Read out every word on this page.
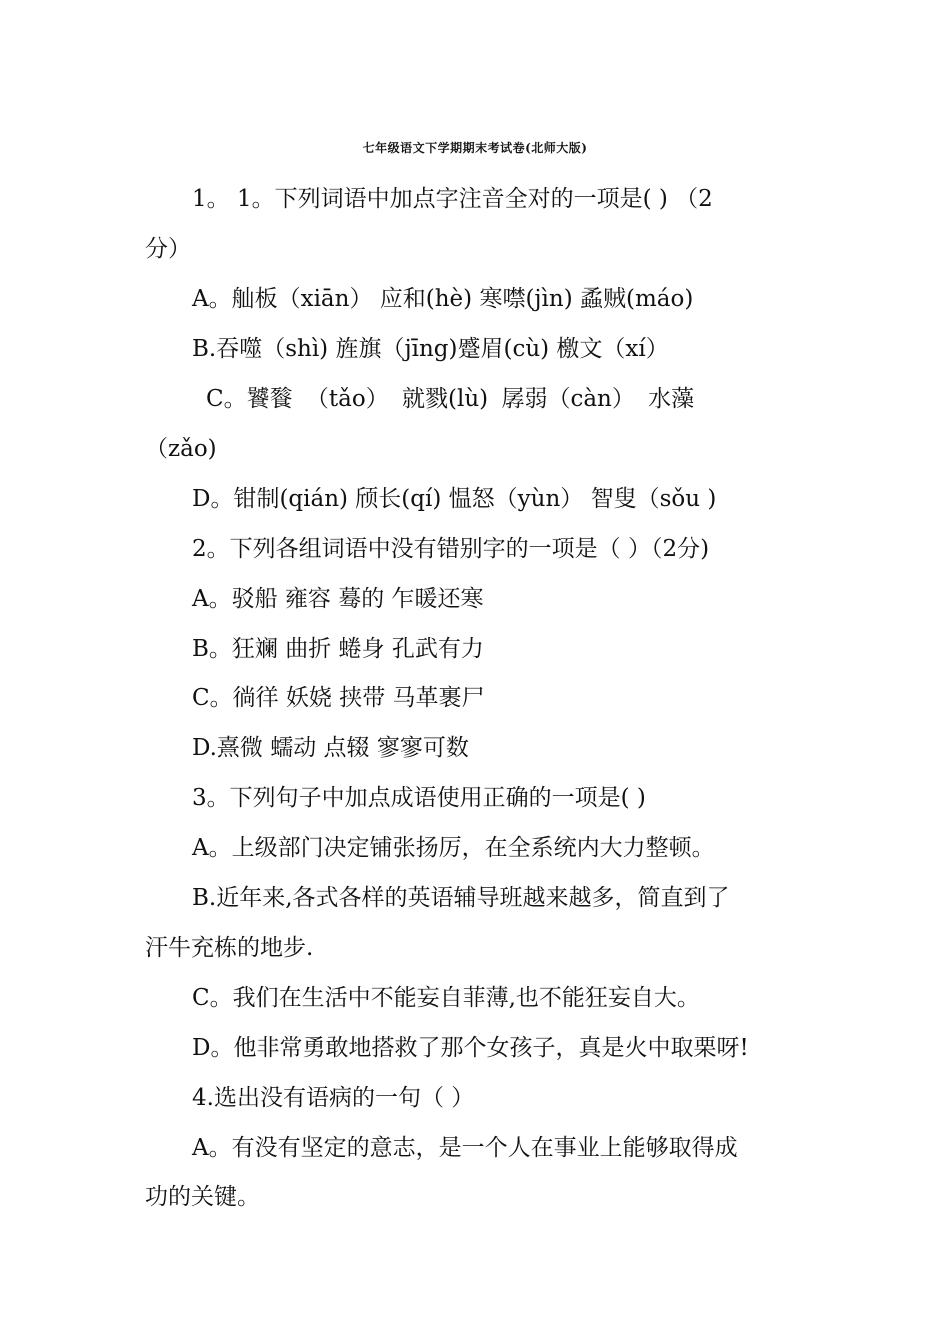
七年级语文下学期期末考试卷(北师大版)
1。 1。下列词语中加点字注音全对的一项是( ) （2
分）
A。舢板（xiān） 应和(hè) 寒噤(jìn) 蟊贼(máo)
B.吞噬（shì) 旌旗（jīng)蹙眉(cù) 檄文（xí）
C。饕餮 （tǎo） 就戮(lù) 孱弱（càn） 水藻
（zǎo)
D。钳制(qián) 颀长(qí) 愠怒（yùn） 智叟（sǒu )
2。下列各组词语中没有错别字的一项是（ ）（2分)
A。驳船 雍容 蓦的 乍暖还寒
B。狂斓 曲折 蜷身 孔武有力
C。徜徉 妖娆 挟带 马革裹尸
D.熹微 蠕动 点辍 寥寥可数
3。下列句子中加点成语使用正确的一项是( )
A。上级部门决定铺张扬厉，在全系统内大力整顿。
B.近年来,各式各样的英语辅导班越来越多，简直到了
汗牛充栋的地步.
C。我们在生活中不能妄自菲薄,也不能狂妄自大。
D。他非常勇敢地搭救了那个女孩子，真是火中取栗呀!
4.选出没有语病的一句（ ）
A。有没有坚定的意志，是一个人在事业上能够取得成
功的关键。
